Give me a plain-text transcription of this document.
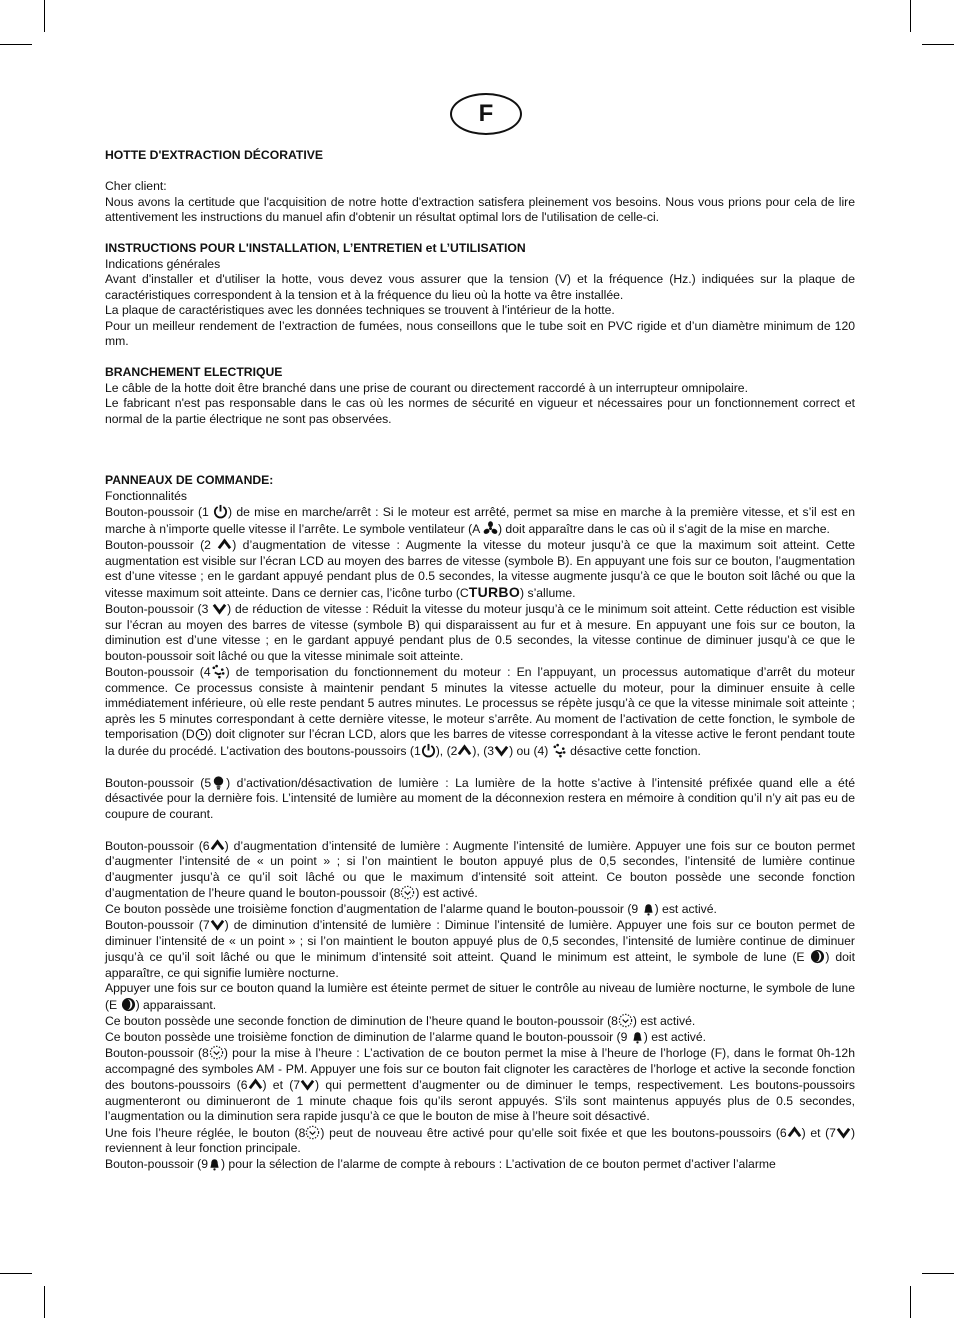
F

HOTTE D'EXTRACTION DÉCORATIVE

Cher client:

Nous avons la certitude que l'acquisition de notre hotte d'extraction satisfera pleinement vos besoins. Nous vous prions pour cela de lire attentivement les instructions du manuel afin d'obtenir un résultat optimal lors de l'utilisation de celle-ci.

INSTRUCTIONS POUR L'INSTALLATION, L’ENTRETIEN et L’UTILISATION

Indications générales

Avant d'installer et d'utiliser la hotte, vous devez vous assurer que la tension (V) et la fréquence (Hz.) indiquées sur la plaque de caractéristiques correspondent à la tension et à la fréquence du lieu où la hotte va être installée.

La plaque de caractéristiques avec les données techniques se trouvent à l'intérieur de la hotte.

Pour un meilleur rendement de l’extraction de fumées, nous conseillons que le tube soit en PVC rigide et d’un diamètre minimum de 120 mm.

BRANCHEMENT ELECTRIQUE

Le câble de la hotte doit être branché dans une prise de courant ou directement raccordé à un interrupteur omnipolaire.

Le fabricant n'est pas responsable dans le cas où les normes de sécurité en vigueur et nécessaires pour un fonctionnement correct et normal de la partie électrique ne sont pas observées.

PANNEAUX DE COMMANDE:

Fonctionnalités

Bouton-poussoir (1 ) de mise en marche/arrêt : Si le moteur est arrêté, permet sa mise en marche à la première vitesse, et s’il est en marche à n’importe quelle vitesse il l’arrête. Le symbole ventilateur (A ) doit apparaître dans le cas où il s’agit de la mise en marche.

Bouton-poussoir (2 ) d’augmentation de vitesse : Augmente la vitesse du moteur jusqu’à ce que la maximum soit atteint. Cette augmentation est visible sur l’écran LCD au moyen des barres de vitesse (symbole B). En appuyant une fois sur ce bouton, l’augmentation est d’une vitesse ; en le gardant appuyé pendant plus de 0.5 secondes, la vitesse augmente jusqu’à ce que le bouton soit lâché ou que la vitesse maximum soit atteinte. Dans ce dernier cas, l’icône turbo (CTURBO) s’allume.

Bouton-poussoir (3 ) de réduction de vitesse : Réduit la vitesse du moteur jusqu’à ce le minimum soit atteint. Cette réduction est visible sur l’écran au moyen des barres de vitesse (symbole B) qui disparaissent au fur et à mesure. En appuyant une fois sur ce bouton, la diminution est d’une vitesse ; en le gardant appuyé pendant plus de 0.5 secondes, la vitesse continue de diminuer jusqu’à ce que le bouton-poussoir soit lâché ou que la vitesse minimale soit atteinte.

Bouton-poussoir (4 ) de temporisation du fonctionnement du moteur : En l’appuyant, un processus automatique d’arrêt du moteur commence. Ce processus consiste à maintenir pendant 5 minutes la vitesse actuelle du moteur, pour la diminuer ensuite à celle immédiatement inférieure, où elle reste pendant 5 autres minutes. Le processus se répète jusqu’à ce que la vitesse minimale soit atteinte ; après les 5 minutes correspondant à cette dernière vitesse, le moteur s’arrête. Au moment de l’activation de cette fonction, le symbole de temporisation (D ) doit clignoter sur l’écran LCD, alors que les barres de vitesse correspondant à la vitesse active le feront pendant toute la durée du procédé. L’activation des boutons-poussoirs (1 ), (2 ), (3 ) ou (4)  désactive cette fonction.

Bouton-poussoir (5 ) d’activation/désactivation de lumière : La lumière de la hotte s’active à l’intensité préfixée quand elle a été désactivée pour la dernière fois. L’intensité de lumière au moment de la déconnexion restera en mémoire à condition qu’il n’y ait pas eu de coupure de courant.

Bouton-poussoir (6 ) d’augmentation d’intensité de lumière : Augmente l’intensité de lumière. Appuyer une fois sur ce bouton permet d’augmenter l’intensité de « un point » ; si l’on maintient le bouton appuyé plus de 0,5 secondes, l’intensité de lumière continue d’augmenter jusqu’à ce qu’il soit lâché ou que le maximum d’intensité soit atteint. Ce bouton possède une seconde fonction d’augmentation de l’heure quand le bouton-poussoir (8 ) est activé.

Ce bouton possède une troisième fonction d’augmentation de l’alarme quand le bouton-poussoir (9 ) est activé.

Bouton-poussoir (7 ) de diminution d’intensité de lumière : Diminue l’intensité de lumière. Appuyer une fois sur ce bouton permet de diminuer l’intensité de « un point » ; si l’on maintient le bouton appuyé plus de 0,5 secondes, l’intensité de lumière continue de diminuer jusqu’à ce qu’il soit lâché ou que le minimum d’intensité soit atteint. Quand le minimum est atteint, le symbole de lune (E ) doit apparaître, ce qui signifie lumière nocturne.

Appuyer une fois sur ce bouton quand la lumière est éteinte permet de situer le contrôle au niveau de lumière nocturne, le symbole de lune (E ) apparaissant.

Ce bouton possède une seconde fonction de diminution de l’heure quand le bouton-poussoir (8 ) est activé.

Ce bouton possède une troisième fonction de diminution de l’alarme quand le bouton-poussoir (9 ) est activé.

Bouton-poussoir (8 ) pour la mise à l’heure : L’activation de ce bouton permet la mise à l’heure de l’horloge (F), dans le format 0h-12h accompagné des symboles AM - PM. Appuyer une fois sur ce bouton fait clignoter les caractères de l’horloge et active la seconde fonction des boutons-poussoirs (6 ) et (7 ) qui permettent d’augmenter ou de diminuer le temps, respectivement. Les boutons-poussoirs augmenteront ou diminueront de 1 minute chaque fois qu’ils seront appuyés. S’ils sont maintenus appuyés plus de 0.5 secondes, l’augmentation ou la diminution sera rapide jusqu’à ce que le bouton de mise à l’heure soit désactivé.

Une fois l’heure réglée, le bouton (8 ) peut de nouveau être activé pour qu’elle soit fixée et que les boutons-poussoirs (6 ) et (7 ) reviennent à leur fonction principale.

Bouton-poussoir (9 ) pour la sélection de l’alarme de compte à rebours : L’activation de ce bouton permet d’activer l’alarme
